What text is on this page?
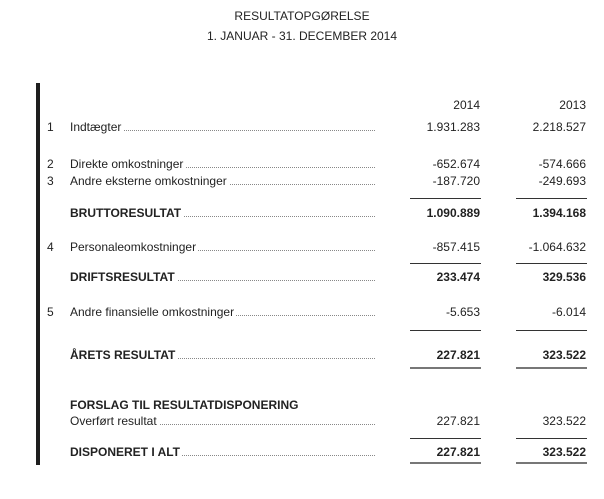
RESULTATOPGØRELSE
1. JANUAR - 31. DECEMBER 2014
2014	2013
1	Indtægter	1.931.283	2.218.527
2	Direkte omkostninger	-652.674	-574.666
3	Andre eksterne omkostninger	-187.720	-249.693
BRUTTORESULTAT	1.090.889	1.394.168
4	Personaleomkostninger	-857.415	-1.064.632
DRIFTSRESULTAT	233.474	329.536
5	Andre finansielle omkostninger	-5.653	-6.014
ÅRETS RESULTAT	227.821	323.522
FORSLAG TIL RESULTATDISPONERING
Overført resultat	227.821	323.522
DISPONERET I ALT	227.821	323.522
